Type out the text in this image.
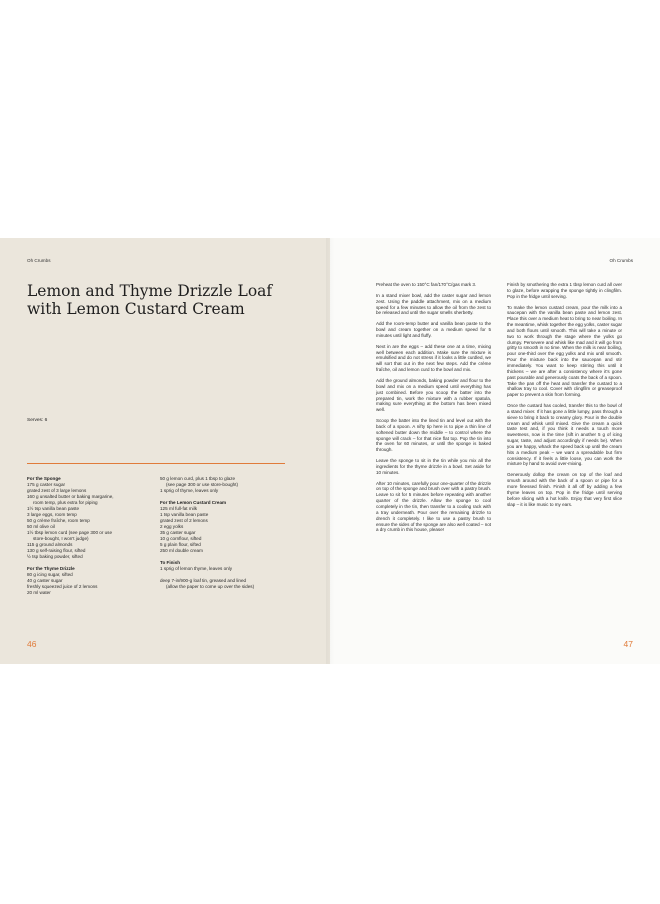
Oh Crumbs
Lemon and Thyme Drizzle Loaf
with Lemon Custard Cream
Serves: 6
For the Sponge
175 g caster sugar
grated zest of 3 large lemons
160 g unsalted butter or baking margarine,
room temp, plus extra for piping
1½ tsp vanilla bean paste
3 large eggs, room temp
50 g crème fraîche, room temp
50 ml olive oil
1½ tbsp lemon curd (see page 300 or use
store-bought, I won't judge)
115 g ground almonds
130 g self-raising flour, sifted
½ tsp baking powder, sifted
For the Thyme Drizzle
80 g icing sugar, sifted
40 g caster sugar
freshly squeezed juice of 2 lemons
20 ml water
50 g lemon curd, plus 1 tbsp to glaze
(see page 300 or use store-bought)
1 sprig of thyme, leaves only
For the Lemon Custard Cream
125 ml full-fat milk
1 tsp vanilla bean paste
grated zest of 2 lemons
2 egg yolks
35 g caster sugar
10 g cornflour, sifted
5 g plain flour, sifted
250 ml double cream
To Finish
1 sprig of lemon thyme, leaves only
deep 7-in/900-g loaf tin, greased and lined
(allow the paper to come up over the sides)
46
Oh Crumbs

Preheat the oven to 150°C fan/170°C/gas mark 3.

In a stand mixer bowl, add the caster sugar and lemon zest. Using the paddle attachment, mix on a medium speed for a few minutes to allow the oil from the zest to be released and until the sugar smells sherbetty.

Add the room-temp butter and vanilla bean paste to the bowl and cream together on a medium speed for 5 minutes until light and fluffy.

Next in are the eggs – add these one at a time, mixing well between each addition. Make sure the mixture is emulsified and do not stress if it looks a little curdled, we will sort that out in the next few steps. Add the crème fraîche, oil and lemon curd to the bowl and mix.

Add the ground almonds, baking powder and flour to the bowl and mix on a medium speed until everything has just combined. Before you scoop the batter into the prepared tin, work the mixture with a rubber spatula, making sure everything at the bottom has been mixed well.

Scoop the batter into the lined tin and level out with the back of a spoon. A nifty tip here is to pipe a thin line of softened butter down the middle – to control where the sponge will crack – for that nice flat top. Pop the tin into the oven for 60 minutes, or until the sponge is baked through.

Leave the sponge to sit in the tin while you mix all the ingredients for the thyme drizzle in a bowl. Set aside for 10 minutes.

After 10 minutes, carefully pour one-quarter of the drizzle on top of the sponge and brush over with a pastry brush. Leave to sit for 5 minutes before repeating with another quarter of the drizzle. Allow the sponge to cool completely in the tin, then transfer to a cooling rack with a tray underneath. Pour over the remaining drizzle to drench it completely. I like to use a pastry brush to ensure the sides of the sponge are also well coated – not a dry crumb in this house, please!

Finish by smothering the extra 1 tbsp lemon curd all over to glaze, before wrapping the sponge tightly in clingfilm. Pop in the fridge until serving.

To make the lemon custard cream, pour the milk into a saucepan with the vanilla bean paste and lemon zest. Place this over a medium heat to bring to near boiling. In the meantime, whisk together the egg yolks, caster sugar and both flours until smooth. This will take a minute or two to work through the stage where the yolks go clumpy. Persevere and whisk like mad and it will go from gritty to smooth in no time. When the milk is near boiling, pour one-third over the egg yolks and mix until smooth. Pour the mixture back into the saucepan and stir immediately. You want to keep stirring this until it thickens – we are after a consistency where it's gone past pourable and generously coats the back of a spoon. Take the pan off the heat and transfer the custard to a shallow tray to cool. Cover with clingfilm or greaseproof paper to prevent a skin from forming.

Once the custard has cooled, transfer this to the bowl of a stand mixer. If it has gone a little lumpy, pass through a sieve to bring it back to creamy glory. Pour in the double cream and whisk until mixed. Give the cream a quick taste test and, if you think it needs a touch more sweetness, now is the time (sift in another 5 g of icing sugar, taste, and adjust accordingly if needs be). When you are happy, whack the speed back up until the cream hits a medium peak – we want a spreadable but firm consistency. If it feels a little loose, you can work the mixture by hand to avoid over-mixing.

Generously dollop the cream on top of the loaf and smush around with the back of a spoon or pipe for a more finessed finish. Finish it all off by adding a few thyme leaves on top. Pop in the fridge until serving before slicing with a hot knife. Enjoy that very first slice slap – it is like music to my ears.

47
